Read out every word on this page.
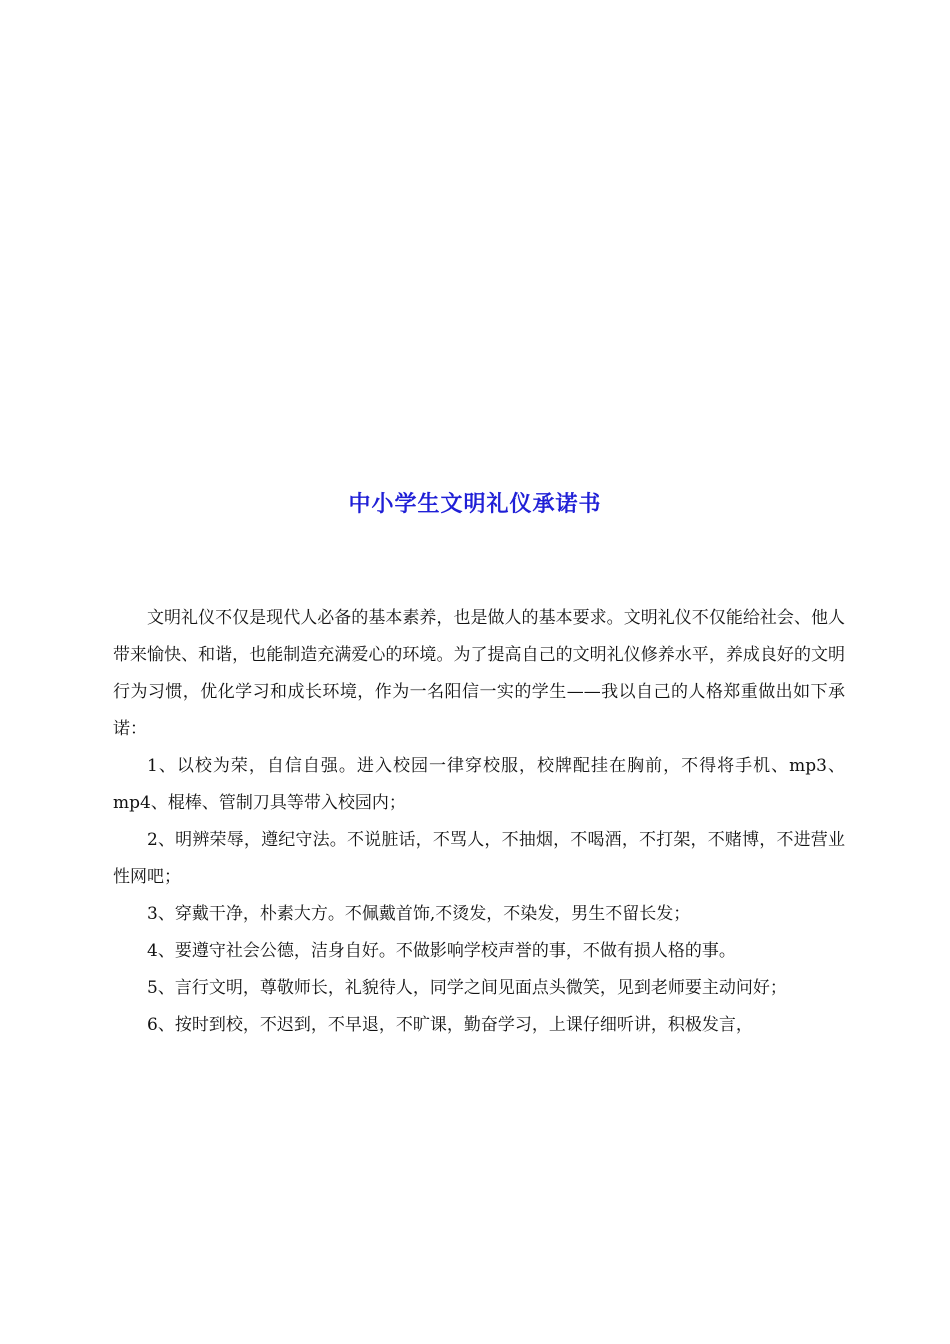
中小学生文明礼仪承诺书

文明礼仪不仅是现代人必备的基本素养，也是做人的基本要求。文明礼仪不仅能给社会、他人带来愉快、和谐，也能制造充满爱心的环境。为了提高自己的文明礼仪修养水平，养成良好的文明行为习惯，优化学习和成长环境，作为一名阳信一实的学生——我以自己的人格郑重做出如下承诺：

1、以校为荣，自信自强。进入校园一律穿校服，校牌配挂在胸前，不得将手机、mp3、mp4、棍棒、管制刀具等带入校园内；

2、明辨荣辱，遵纪守法。不说脏话，不骂人，不抽烟，不喝酒，不打架，不赌博，不进营业性网吧；

3、穿戴干净，朴素大方。不佩戴首饰,不烫发，不染发，男生不留长发；

4、要遵守社会公德，洁身自好。不做影响学校声誉的事，不做有损人格的事。

5、言行文明，尊敬师长，礼貌待人，同学之间见面点头微笑，见到老师要主动问好；

6、按时到校，不迟到，不早退，不旷课，勤奋学习，上课仔细听讲，积极发言，
